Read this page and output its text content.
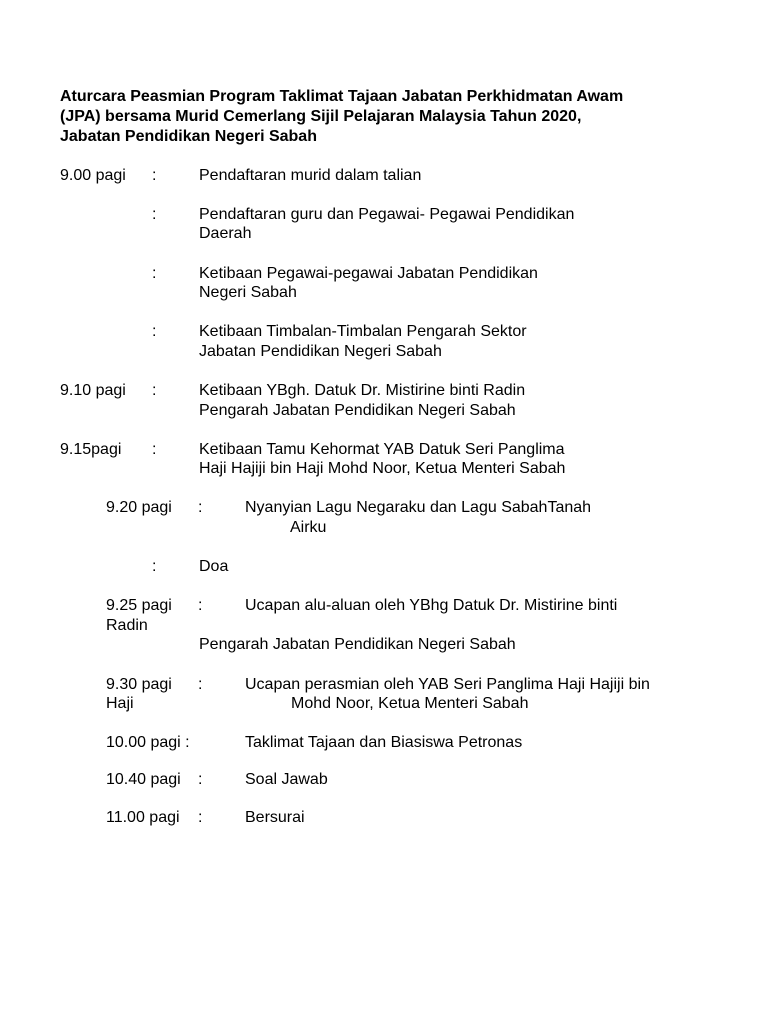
Aturcara Peasmian Program Taklimat Tajaan Jabatan Perkhidmatan Awam
(JPA) bersama Murid Cemerlang Sijil Pelajaran Malaysia Tahun 2020,
Jabatan Pendidikan Negeri Sabah
9.00 pagi :	Pendaftaran murid dalam talian
:	Pendaftaran guru dan Pegawai- Pegawai Pendidikan
Daerah
:	Ketibaan Pegawai-pegawai Jabatan Pendidikan
Negeri Sabah
:	Ketibaan Timbalan-Timbalan Pengarah Sektor
Jabatan Pendidikan Negeri Sabah
9.10 pagi :	Ketibaan YBgh. Datuk Dr. Mistirine binti Radin
Pengarah Jabatan Pendidikan Negeri Sabah
9.15pagi :	Ketibaan Tamu Kehormat YAB Datuk Seri Panglima
Haji Hajiji bin Haji Mohd Noor, Ketua Menteri Sabah
9.20 pagi :	Nyanyian Lagu Negaraku dan Lagu SabahTanah
Airku
:	Doa
9.25 pagi :	Ucapan alu-aluan oleh YBhg Datuk Dr. Mistirine binti
Radin
Pengarah Jabatan Pendidikan Negeri Sabah
9.30 pagi :	Ucapan perasmian oleh YAB Seri Panglima Haji Hajiji bin
Haji	Mohd Noor, Ketua Menteri Sabah
10.00 pagi :	Taklimat Tajaan dan Biasiswa Petronas
10.40 pagi :	Soal Jawab
11.00 pagi :	Bersurai
